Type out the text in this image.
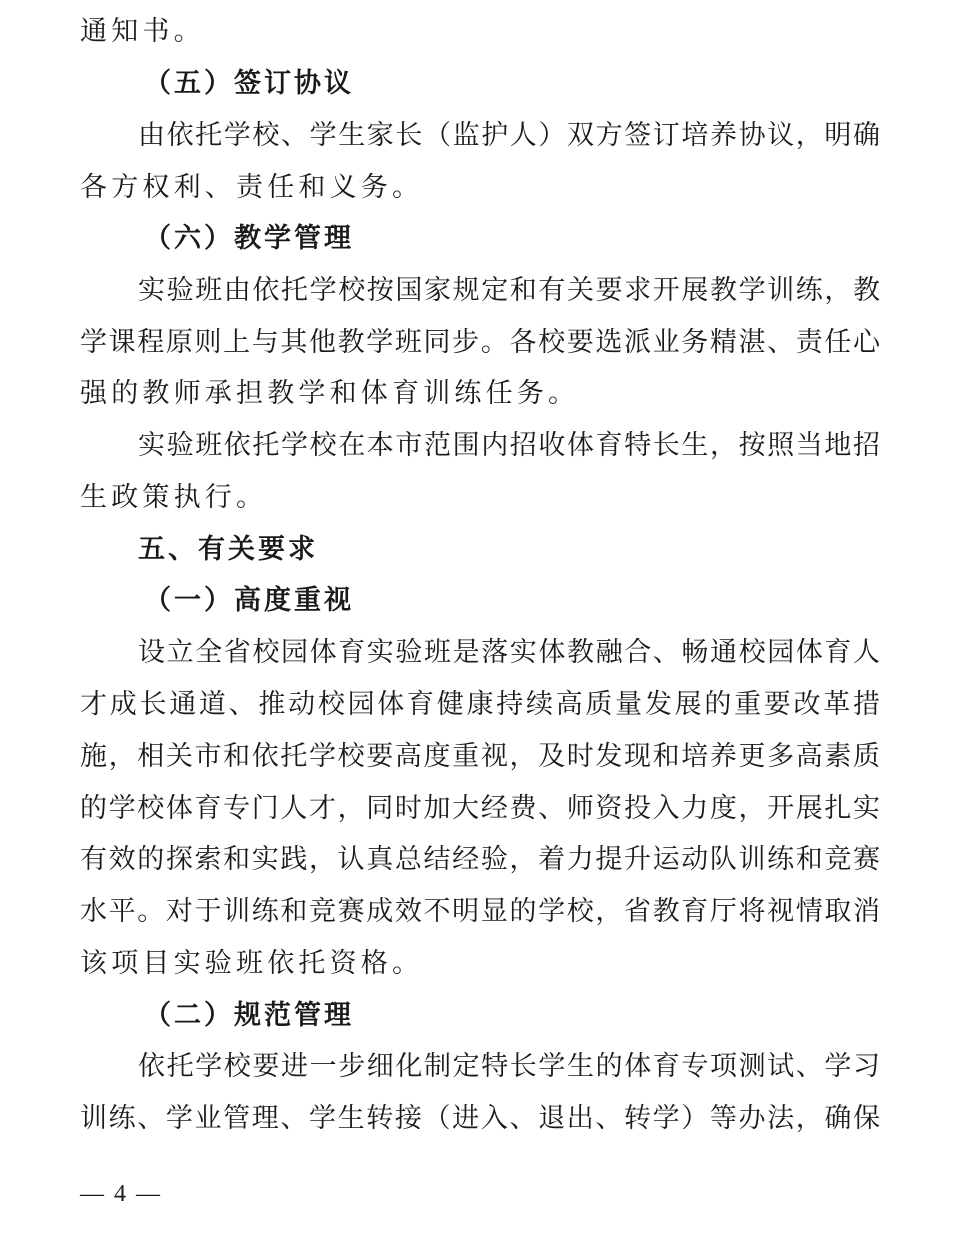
通知书。
（五）签订协议
由依托学校、学生家长（监护人）双方签订培养协议，明确
各方权利、责任和义务。
（六）教学管理
实验班由依托学校按国家规定和有关要求开展教学训练，教
学课程原则上与其他教学班同步。各校要选派业务精湛、责任心
强的教师承担教学和体育训练任务。
实验班依托学校在本市范围内招收体育特长生，按照当地招
生政策执行。
五、有关要求
（一）高度重视
设立全省校园体育实验班是落实体教融合、畅通校园体育人
才成长通道、推动校园体育健康持续高质量发展的重要改革措
施，相关市和依托学校要高度重视，及时发现和培养更多高素质
的学校体育专门人才，同时加大经费、师资投入力度，开展扎实
有效的探索和实践，认真总结经验，着力提升运动队训练和竞赛
水平。对于训练和竞赛成效不明显的学校，省教育厅将视情取消
该项目实验班依托资格。
（二）规范管理
依托学校要进一步细化制定特长学生的体育专项测试、学习
训练、学业管理、学生转接（进入、退出、转学）等办法，确保
— 4 —
